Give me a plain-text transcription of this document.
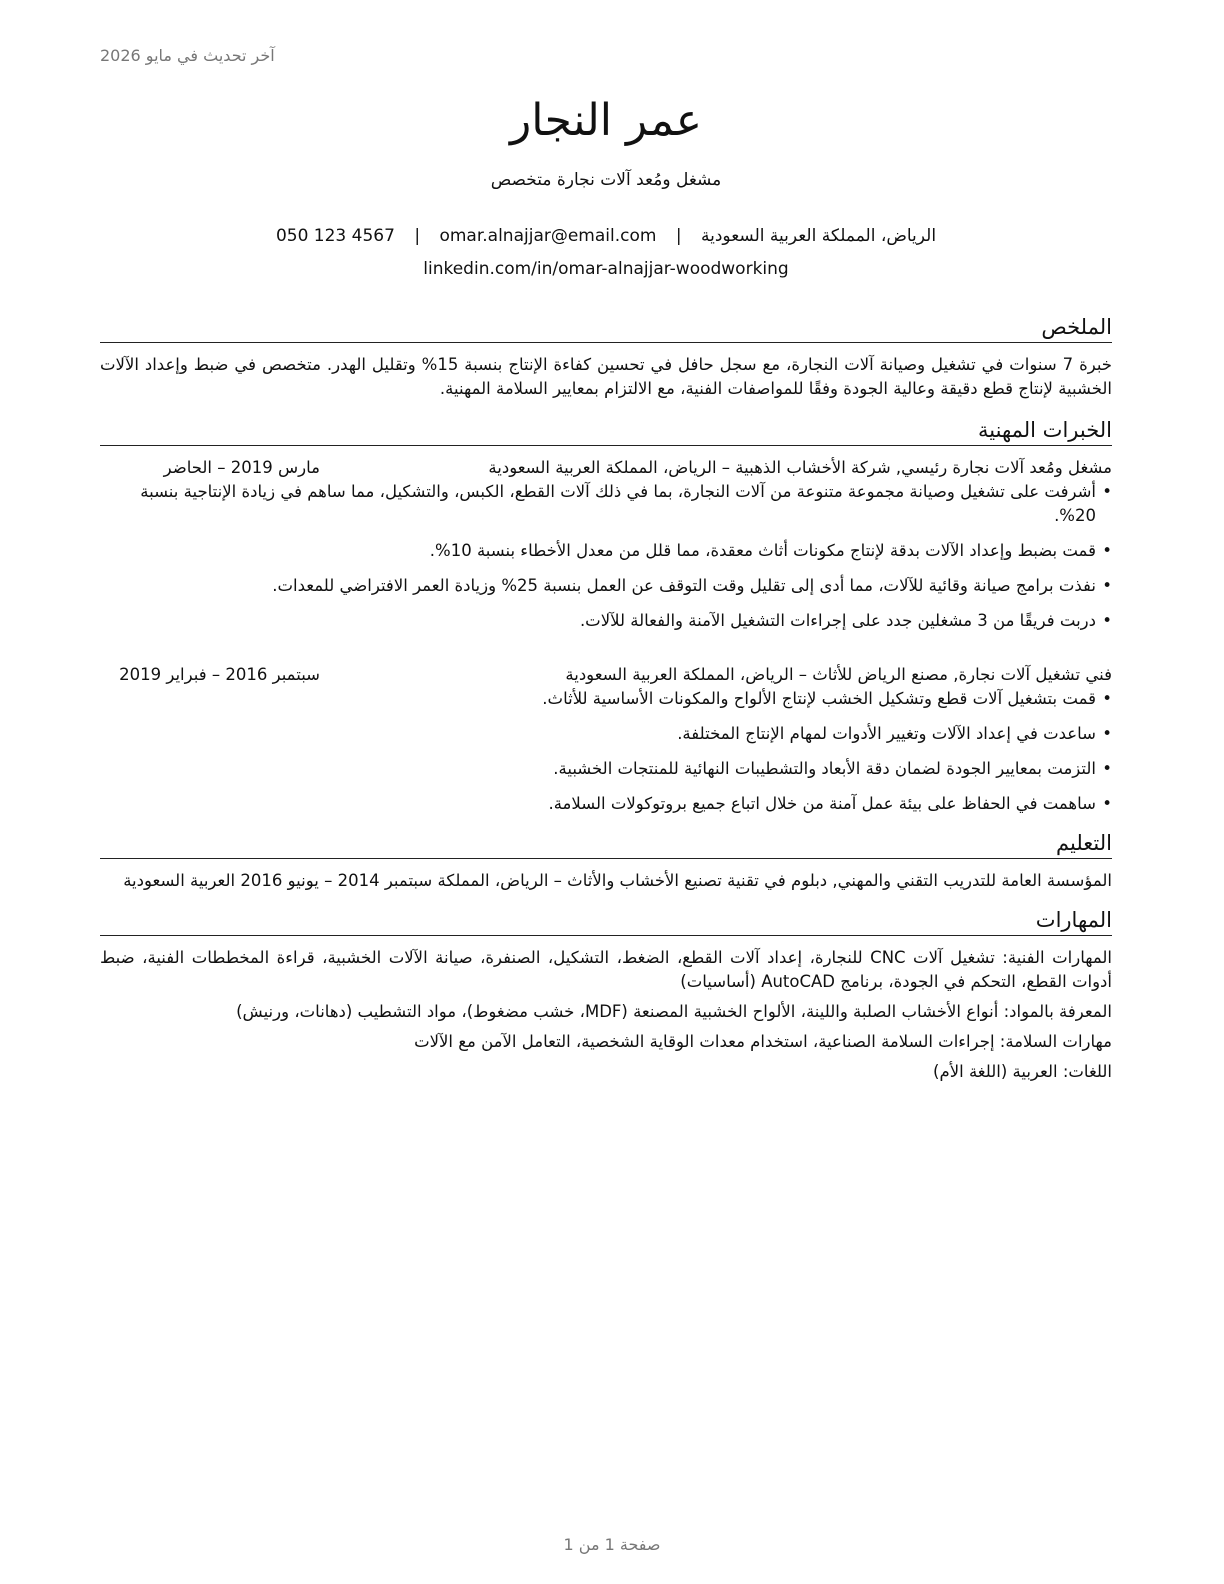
آخر تحديث في مايو 2026
عمر النجار
مشغل ومُعد آلات نجارة متخصص
الرياض، المملكة العربية السعودية | omar.alnajjar@email.com | 050 123 4567
linkedin.com/in/omar-alnajjar-woodworking
الملخص
خبرة 7 سنوات في تشغيل وصيانة آلات النجارة، مع سجل حافل في تحسين كفاءة الإنتاج بنسبة 15% وتقليل الهدر. متخصص في ضبط وإعداد الآلات الخشبية لإنتاج قطع دقيقة وعالية الجودة وفقًا للمواصفات الفنية، مع الالتزام بمعايير السلامة المهنية.
الخبرات المهنية
مشغل ومُعد آلات نجارة رئيسي, شركة الأخشاب الذهبية – الرياض، المملكة العربية السعودية
مارس 2019 – الحاضر
• أشرفت على تشغيل وصيانة مجموعة متنوعة من آلات النجارة، بما في ذلك آلات القطع، الكبس، والتشكيل، مما ساهم في زيادة الإنتاجية بنسبة 20%.
• قمت بضبط وإعداد الآلات بدقة لإنتاج مكونات أثاث معقدة، مما قلل من معدل الأخطاء بنسبة 10%.
• نفذت برامج صيانة وقائية للآلات، مما أدى إلى تقليل وقت التوقف عن العمل بنسبة 25% وزيادة العمر الافتراضي للمعدات.
• دربت فريقًا من 3 مشغلين جدد على إجراءات التشغيل الآمنة والفعالة للآلات.
فني تشغيل آلات نجارة, مصنع الرياض للأثاث – الرياض، المملكة العربية السعودية
سبتمبر 2016 – فبراير 2019
• قمت بتشغيل آلات قطع وتشكيل الخشب لإنتاج الألواح والمكونات الأساسية للأثاث.
• ساعدت في إعداد الآلات وتغيير الأدوات لمهام الإنتاج المختلفة.
• التزمت بمعايير الجودة لضمان دقة الأبعاد والتشطيبات النهائية للمنتجات الخشبية.
• ساهمت في الحفاظ على بيئة عمل آمنة من خلال اتباع جميع بروتوكولات السلامة.
التعليم
المؤسسة العامة للتدريب التقني والمهني, دبلوم في تقنية تصنيع الأخشاب والأثاث – الرياض، المملكة سبتمبر 2014 – يونيو 2016 العربية السعودية
المهارات
المهارات الفنية: تشغيل آلات CNC للنجارة، إعداد آلات القطع، الضغط، التشكيل، الصنفرة، صيانة الآلات الخشبية، قراءة المخططات الفنية، ضبط أدوات القطع، التحكم في الجودة، برنامج AutoCAD (أساسيات)
المعرفة بالمواد: أنواع الأخشاب الصلبة واللينة، الألواح الخشبية المصنعة (MDF، خشب مضغوط)، مواد التشطيب (دهانات، ورنيش)
مهارات السلامة: إجراءات السلامة الصناعية، استخدام معدات الوقاية الشخصية، التعامل الآمن مع الآلات
اللغات: العربية (اللغة الأم)
صفحة 1 من 1
